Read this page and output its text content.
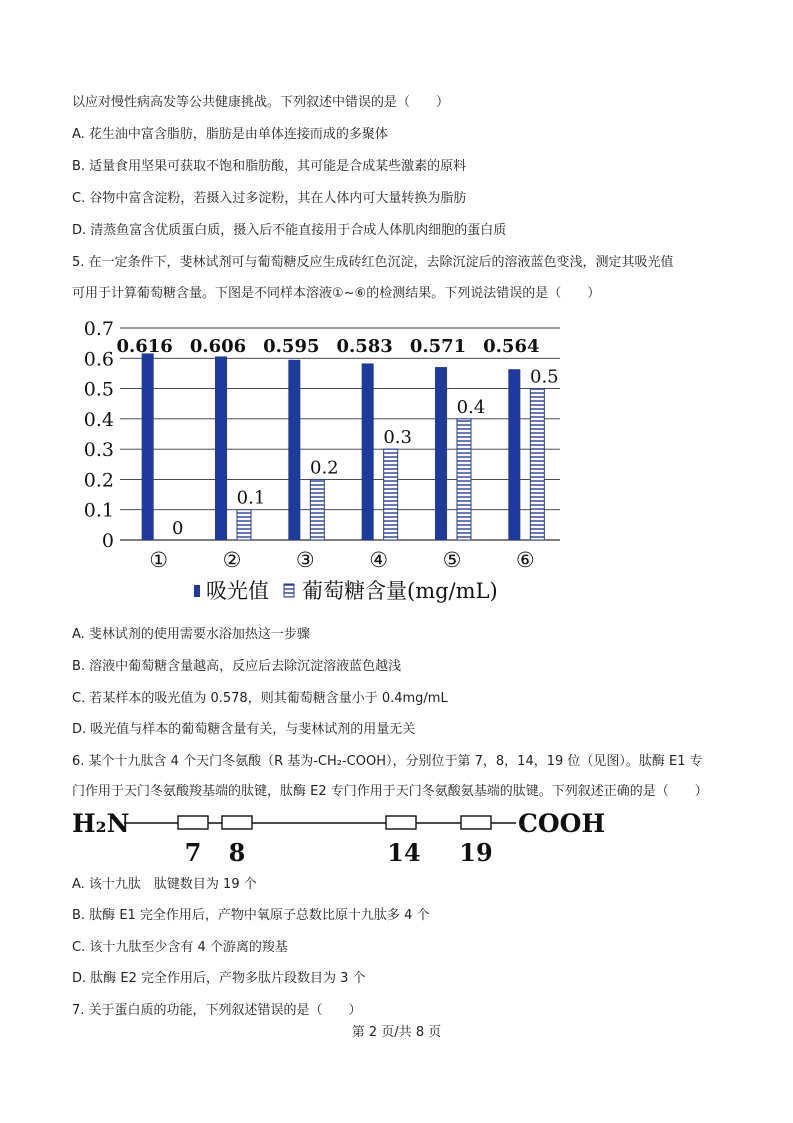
以应对慢性病高发等公共健康挑战。下列叙述中错误的是（　　）
A. 花生油中富含脂肪，脂肪是由单体连接而成的多聚体
B. 适量食用坚果可获取不饱和脂肪酸，其可能是合成某些激素的原料
C. 谷物中富含淀粉，若摄入过多淀粉，其在人体内可大量转换为脂肪
D. 清蒸鱼富含优质蛋白质，摄入后不能直接用于合成人体肌肉细胞的蛋白质
5. 在一定条件下，斐林试剂可与葡萄糖反应生成砖红色沉淀，去除沉淀后的溶液蓝色变浅，测定其吸光值
可用于计算葡萄糖含量。下图是不同样本溶液①~⑥的检测结果。下列说法错误的是（　　）
0
0.1
0.2
0.3
0.4
0.5
0.6
0.7
0.616
0
0.606
0.1
0.595
0.2
0.583
0.3
0.571
0.4
0.564
0.5
①	②	③	④	⑤	⑥
吸光值 葡萄糖含量(mg/mL)
A. 斐林试剂的使用需要水浴加热这一步骤
B. 溶液中葡萄糖含量越高，反应后去除沉淀溶液蓝色越浅
C. 若某样本的吸光值为 0.578，则其葡萄糖含量小于 0.4mg/mL
D. 吸光值与样本的葡萄糖含量有关，与斐林试剂的用量无关
6. 某个十九肽含 4 个天门冬氨酸（R 基为-CH₂-COOH），分别位于第 7，8，14，19 位（见图）。肽酶 E1 专
门作用于天门冬氨酸羧基端的肽键，肽酶 E2 专门作用于天门冬氨酸氨基端的肽键。下列叙述正确的是（　　）
H₂N	COOH
7 8	14 19
A. 该十九肽　肽键数目为 19 个
B. 肽酶 E1 完全作用后，产物中氧原子总数比原十九肽多 4 个
C. 该十九肽至少含有 4 个游离的羧基
D. 肽酶 E2 完全作用后，产物多肽片段数目为 3 个
7. 关于蛋白质的功能，下列叙述错误的是（　　）
第 2 页/共 8 页
